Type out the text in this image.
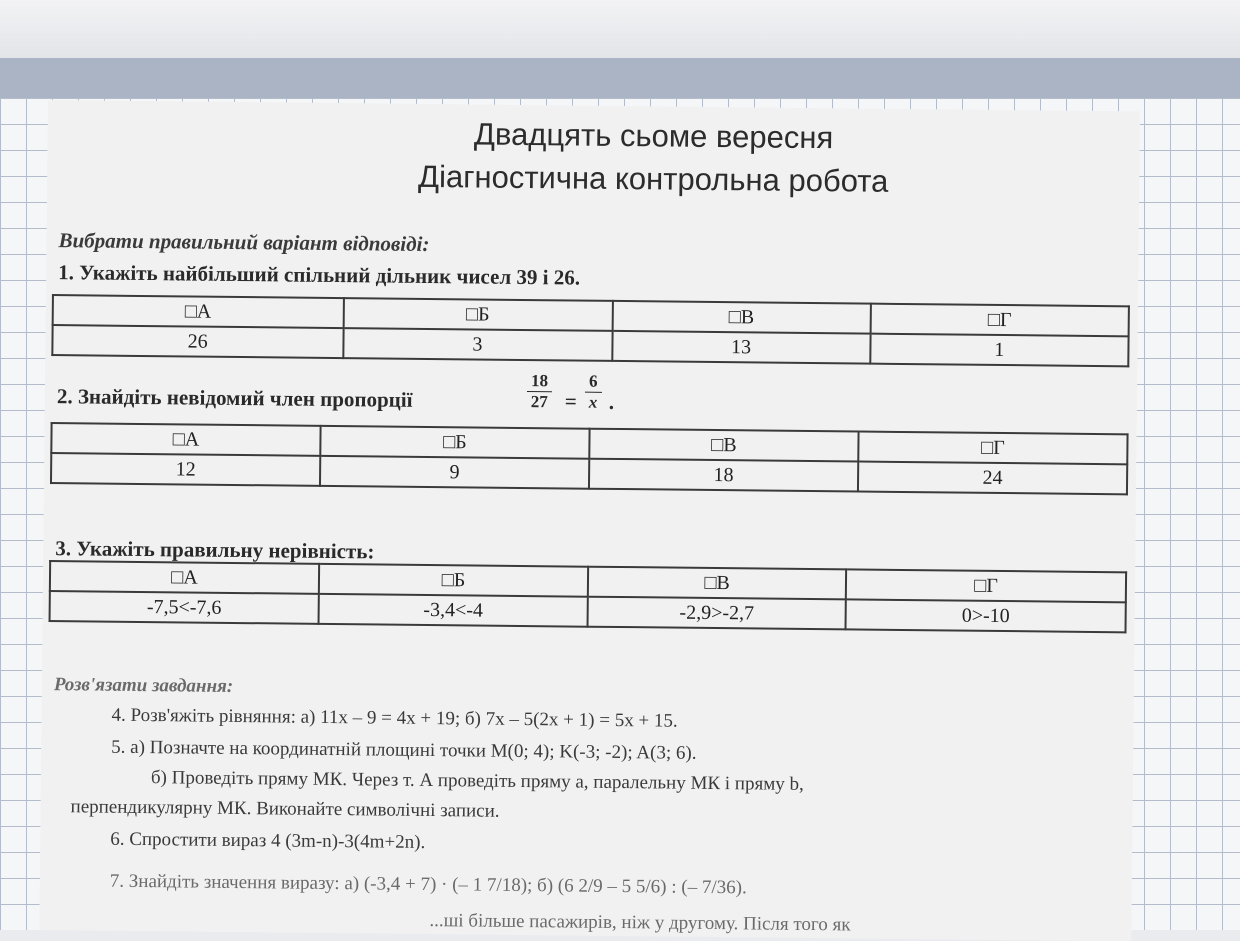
Двадцять сьоме вересня
Діагностична контрольна робота
Вибрати правильний варіант відповіді:
1. Укажіть найбільший спільний дільник чисел 39 і 26.
□А	□Б	□В	□Г
26	3	13	1
2. Знайдіть невідомий член пропорції	$\frac{18}{27} = \frac{6}{x}$ .
□А	□Б	□В	□Г
12	9	18	24
3. Укажіть правильну нерівність:
□А	□Б	□В	□Г
-7,5<-7,6	-3,4<-4	-2,9>-2,7	0>-10
Розв'язати завдання:
4. Розв'яжіть рівняння: а) 11x – 9 = 4x + 19; б) 7x – 5(2x + 1) = 5x + 15.
5. а) Позначте на координатній площині точки M(0; 4); K(-3; -2); A(3; 6).
б) Проведіть пряму МК. Через т. А проведіть пряму a, паралельну МК і пряму b,
перпендикулярну МК. Виконайте символічні записи.
6. Спростити вираз 4 (3m-n)-3(4m+2n).
7. Знайдіть значення виразу: а) (-3,4 + 7) · (– 1 7/18); б) (6 2/9 – 5 5/6) : (– 7/36).
...ші більше пасажирів, ніж у другому. Після того як
